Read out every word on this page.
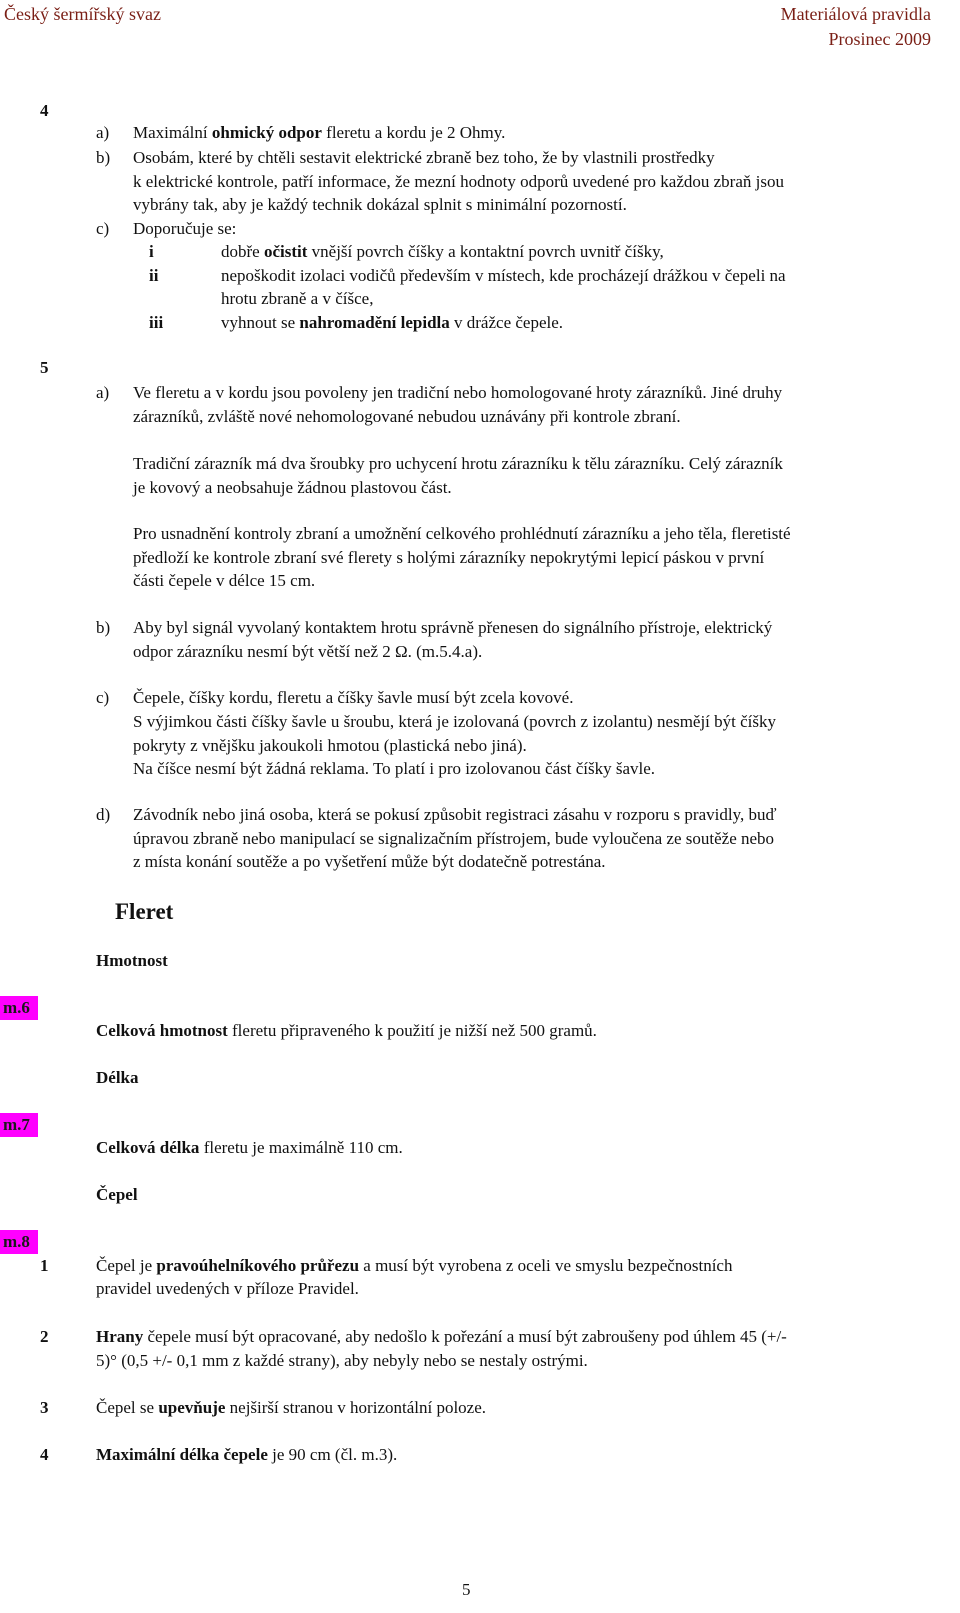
Český šermířský svaz	Materiálová pravidla
Prosinec 2009
4
a) Maximální ohmický odpor fleretu a kordu je 2 Ohmy.
b) Osobám, které by chtěli sestavit elektrické zbraně bez toho, že by vlastnili prostředky
k elektrické kontrole, patří informace, že mezní hodnoty odporů uvedené pro každou zbraň jsou
vybrány tak, aby je každý technik dokázal splnit s minimální pozorností.
c) Doporučuje se:
i	dobře očistit vnější povrch číšky a kontaktní povrch uvnitř číšky,
ii	nepoškodit izolaci vodičů především v místech, kde procházejí drážkou v čepeli na
hrotu zbraně a v číšce,
iii	vyhnout se nahromadění lepidla v drážce čepele.
5
a) Ve fleretu a v kordu jsou povoleny jen tradiční nebo homologované hroty zárazníků. Jiné druhy
zárazníků, zvláště nové nehomologované nebudou uznávány při kontrole zbraní.
Tradiční zárazník má dva šroubky pro uchycení hrotu zárazníku k tělu zárazníku. Celý zárazník
je kovový a neobsahuje žádnou plastovou část.
Pro usnadnění kontroly zbraní a umožnění celkového prohlédnutí zárazníku a jeho těla, fleretisté
předloží ke kontrole zbraní své flerety s holými zárazníky nepokrytými lepicí páskou v první
části čepele v délce 15 cm.
b) Aby byl signál vyvolaný kontaktem hrotu správně přenesen do signálního přístroje, elektrický
odpor zárazníku nesmí být větší než 2 Ω. (m.5.4.a).
c) Čepele, číšky kordu, fleretu a číšky šavle musí být zcela kovové.
S výjimkou části číšky šavle u šroubu, která je izolovaná (povrch z izolantu) nesmějí být číšky
pokryty z vnějšku jakoukoli hmotou (plastická nebo jiná).
Na číšce nesmí být žádná reklama. To platí i pro izolovanou část číšky šavle.
d) Závodník nebo jiná osoba, která se pokusí způsobit registraci zásahu v rozporu s pravidly, buď
úpravou zbraně nebo manipulací se signalizačním přístrojem, bude vyloučena ze soutěže nebo
z místa konání soutěže a po vyšetření může být dodatečně potrestána.
Fleret
Hmotnost
m.6
Celková hmotnost fleretu připraveného k použití je nižší než 500 gramů.
Délka
m.7
Celková délka fleretu je maximálně 110 cm.
Čepel
m.8
1	Čepel je pravoúhelníkového průřezu a musí být vyrobena z oceli ve smyslu bezpečnostních
pravidel uvedených v příloze Pravidel.
2	Hrany čepele musí být opracované, aby nedošlo k pořezání a musí být zabroušeny pod úhlem 45 (+/-
5)° (0,5 +/- 0,1 mm z každé strany), aby nebyly nebo se nestaly ostrými.
3	Čepel se upevňuje nejširší stranou v horizontální poloze.
4	Maximální délka čepele je 90 cm (čl. m.3).
5
